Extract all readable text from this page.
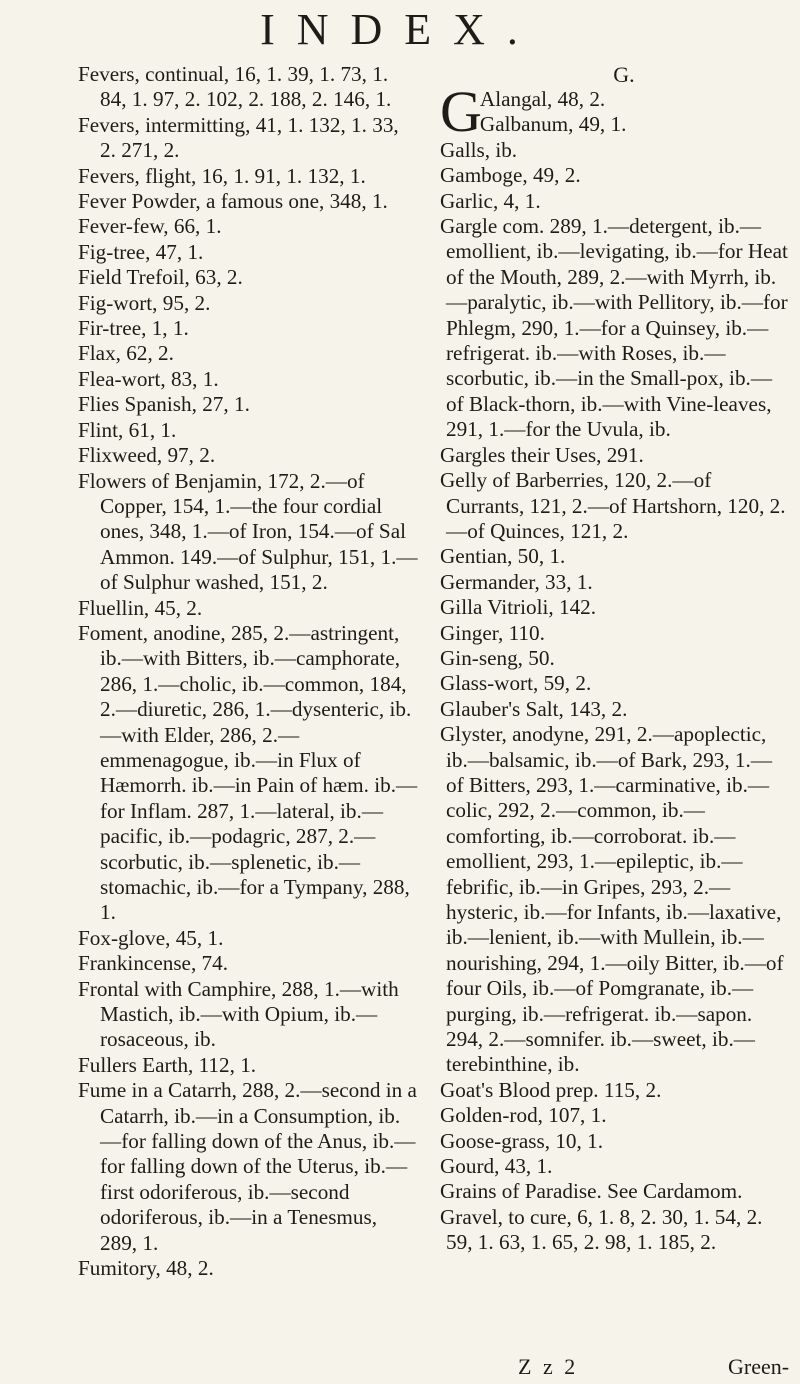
INDEX.

Fevers, continual, 16, 1. 39, 1. 73, 1. 84, 1. 97, 2. 102, 2. 188, 2. 146, 1.

Fevers, intermitting, 41, 1. 132, 1. 33, 2. 271, 2.

Fevers, flight, 16, 1. 91, 1. 132, 1.

Fever Powder, a famous one, 348, 1.

Fever-few, 66, 1.

Fig-tree, 47, 1.

Field Trefoil, 63, 2.

Fig-wort, 95, 2.

Fir-tree, 1, 1.

Flax, 62, 2.

Flea-wort, 83, 1.

Flies Spanish, 27, 1.

Flint, 61, 1.

Flixweed, 97, 2.

Flowers of Benjamin, 172, 2.—of Copper, 154, 1.—the four cordial ones, 348, 1.—of Iron, 154.—of Sal Ammon. 149.—of Sulphur, 151, 1.—of Sulphur washed, 151, 2.

Fluellin, 45, 2.

Foment, anodine, 285, 2.—astringent, ib.—with Bitters, ib.—camphorate, 286, 1.—cholic, ib.—common, 184, 2.—diuretic, 286, 1.—dysenteric, ib.—with Elder, 286, 2.—emmenagogue, ib.—in Flux of Hæmorrh. ib.—in Pain of hæm. ib.—for Inflam. 287, 1.—lateral, ib.—pacific, ib.—podagric, 287, 2.—scorbutic, ib.—splenetic, ib.—stomachic, ib.—for a Tympany, 288, 1.

Fox-glove, 45, 1.

Frankincense, 74.

Frontal with Camphire, 288, 1.—with Mastich, ib.—with Opium, ib.—rosaceous, ib.

Fullers Earth, 112, 1.

Fume in a Catarrh, 288, 2.—second in a Catarrh, ib.—in a Consumption, ib.—for falling down of the Anus, ib.—for falling down of the Uterus, ib.—first odoriferous, ib.—second odoriferous, ib.—in a Tenesmus, 289, 1.

Fumitory, 48, 2.

G.

G
Alangal, 48, 2.

Galbanum, 49, 1.

Galls, ib.

Gamboge, 49, 2.

Garlic, 4, 1.

Gargle com. 289, 1.—detergent, ib.—emollient, ib.—levigating, ib.—for Heat of the Mouth, 289, 2.—with Myrrh, ib.—paralytic, ib.—with Pellitory, ib.—for Phlegm, 290, 1.—for a Quinsey, ib.—refrigerat. ib.—with Roses, ib.—scorbutic, ib.—in the Small-pox, ib.—of Black-thorn, ib.—with Vine-leaves, 291, 1.—for the Uvula, ib.

Gargles their Uses, 291.

Gelly of Barberries, 120, 2.—of Currants, 121, 2.—of Hartshorn, 120, 2.—of Quinces, 121, 2.

Gentian, 50, 1.

Germander, 33, 1.

Gilla Vitrioli, 142.

Ginger, 110.

Gin-seng, 50.

Glass-wort, 59, 2.

Glauber's Salt, 143, 2.

Glyster, anodyne, 291, 2.—apoplectic, ib.—balsamic, ib.—of Bark, 293, 1.—of Bitters, 293, 1.—carminative, ib.—colic, 292, 2.—common, ib.—comforting, ib.—corroborat. ib.—emollient, 293, 1.—epileptic, ib.—febrific, ib.—in Gripes, 293, 2.—hysteric, ib.—for Infants, ib.—laxative, ib.—lenient, ib.—with Mullein, ib.—nourishing, 294, 1.—oily Bitter, ib.—of four Oils, ib.—of Pomgranate, ib.—purging, ib.—refrigerat. ib.—sapon. 294, 2.—somnifer. ib.—sweet, ib.—terebinthine, ib.

Goat's Blood prep. 115, 2.

Golden-rod, 107, 1.

Goose-grass, 10, 1.

Gourd, 43, 1.

Grains of Paradise. See Cardamom.

Gravel, to cure, 6, 1. 8, 2. 30, 1. 54, 2. 59, 1. 63, 1. 65, 2. 98, 1. 185, 2.

Z z 2	Green-
